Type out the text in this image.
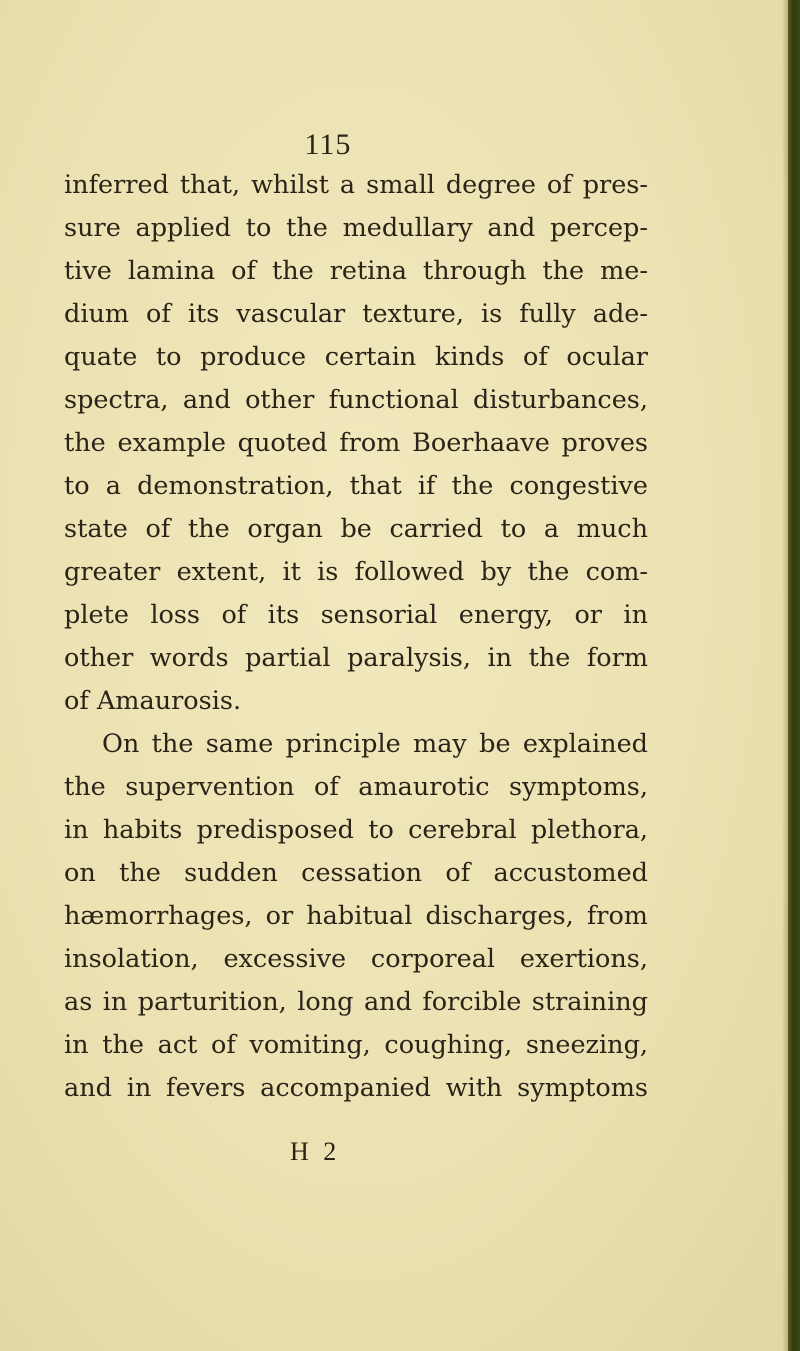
115
inferred that, whilst a small degree of pres-
sure applied to the medullary and percep-
tive lamina of the retina through the me-
dium of its vascular texture, is fully ade-
quate to produce certain kinds of ocular
spectra, and other functional disturbances,
the example quoted from Boerhaave proves
to a demonstration, that if the congestive
state of the organ be carried to a much
greater extent, it is followed by the com-
plete loss of its sensorial energy, or in
other words partial paralysis, in the form
of Amaurosis.
On the same principle may be explained
the supervention of amaurotic symptoms,
in habits predisposed to cerebral plethora,
on the sudden cessation of accustomed
hæmorrhages, or habitual discharges, from
insolation, excessive corporeal exertions,
as in parturition, long and forcible straining
in the act of vomiting, coughing, sneezing,
and in fevers accompanied with symptoms
H 2
